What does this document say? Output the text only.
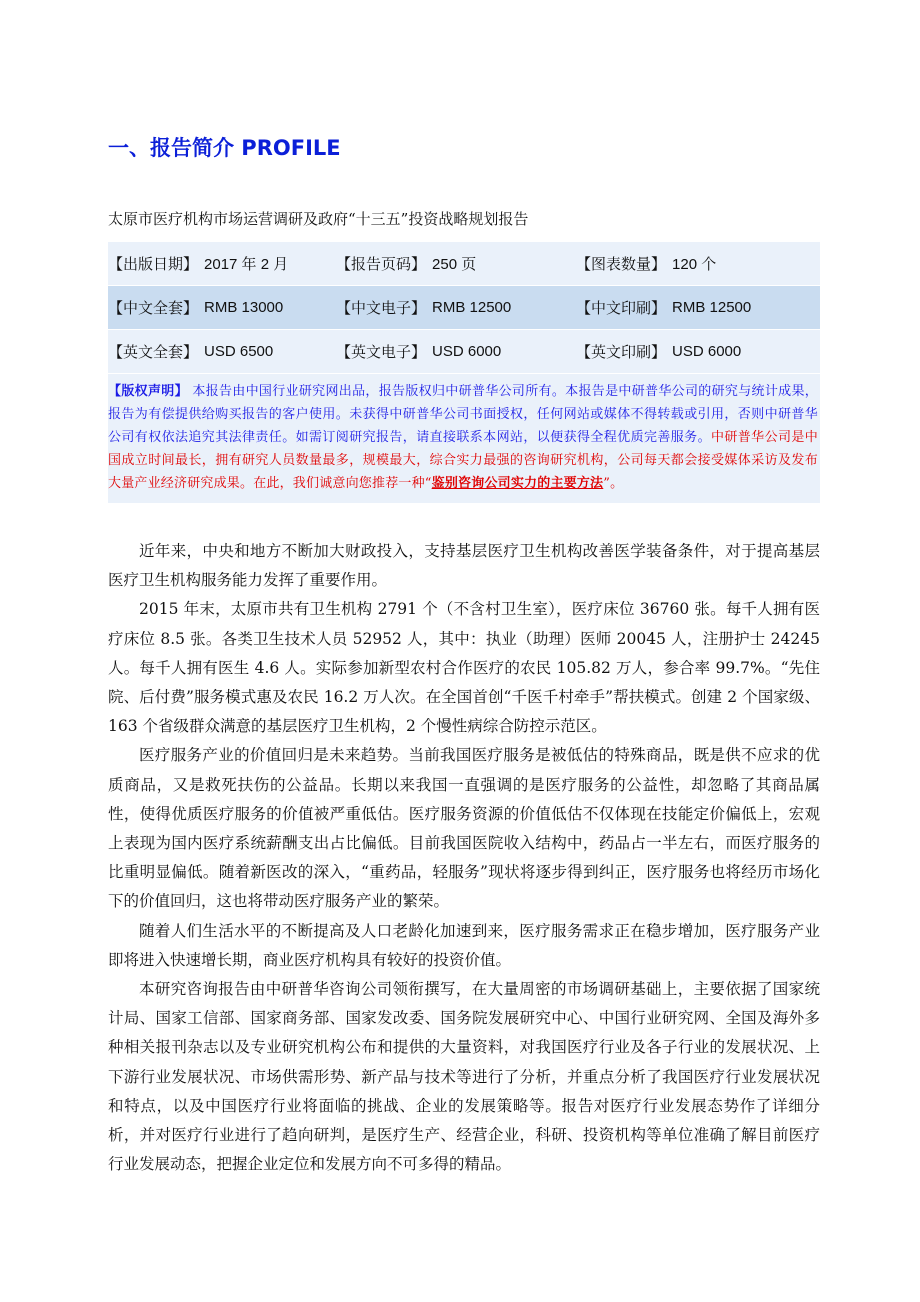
一、报告简介 PROFILE
太原市医疗机构市场运营调研及政府“十三五”投资战略规划报告
【出版日期】 2017 年 2 月	【报告页码】 250 页	【图表数量】 120 个
【中文全套】 RMB 13000	【中文电子】 RMB 12500	【中文印刷】 RMB 12500
【英文全套】 USD 6500	【英文电子】 USD 6000	【英文印刷】 USD 6000
【版权声明】 本报告由中国行业研究网出品，报告版权归中研普华公司所有。本报告是中研普华公司的研究与统计成果，报告为有偿提供给购买报告的客户使用。未获得中研普华公司书面授权，任何网站或媒体不得转载或引用，否则中研普华公司有权依法追究其法律责任。如需订阅研究报告，请直接联系本网站，以便获得全程优质完善服务。中研普华公司是中国成立时间最长，拥有研究人员数量最多，规模最大，综合实力最强的咨询研究机构，公司每天都会接受媒体采访及发布大量产业经济研究成果。在此，我们诚意向您推荐一种“鉴别咨询公司实力的主要方法”。

近年来，中央和地方不断加大财政投入，支持基层医疗卫生机构改善医学装备条件，对于提高基层医疗卫生机构服务能力发挥了重要作用。

2015 年末，太原市共有卫生机构 2791 个（不含村卫生室），医疗床位 36760 张。每千人拥有医疗床位 8.5 张。各类卫生技术人员 52952 人，其中：执业（助理）医师 20045 人，注册护士 24245 人。每千人拥有医生 4.6 人。实际参加新型农村合作医疗的农民 105.82 万人，参合率 99.7%。“先住院、后付费”服务模式惠及农民 16.2 万人次。在全国首创“千医千村牵手”帮扶模式。创建 2 个国家级、163 个省级群众满意的基层医疗卫生机构，2 个慢性病综合防控示范区。

医疗服务产业的价值回归是未来趋势。当前我国医疗服务是被低估的特殊商品，既是供不应求的优质商品，又是救死扶伤的公益品。长期以来我国一直强调的是医疗服务的公益性，却忽略了其商品属性，使得优质医疗服务的价值被严重低估。医疗服务资源的价值低估不仅体现在技能定价偏低上，宏观上表现为国内医疗系统薪酬支出占比偏低。目前我国医院收入结构中，药品占一半左右，而医疗服务的比重明显偏低。随着新医改的深入，“重药品，轻服务”现状将逐步得到纠正，医疗服务也将经历市场化下的价值回归，这也将带动医疗服务产业的繁荣。

随着人们生活水平的不断提高及人口老龄化加速到来，医疗服务需求正在稳步增加，医疗服务产业即将进入快速增长期，商业医疗机构具有较好的投资价值。

本研究咨询报告由中研普华咨询公司领衔撰写，在大量周密的市场调研基础上，主要依据了国家统计局、国家工信部、国家商务部、国家发改委、国务院发展研究中心、中国行业研究网、全国及海外多种相关报刊杂志以及专业研究机构公布和提供的大量资料，对我国医疗行业及各子行业的发展状况、上下游行业发展状况、市场供需形势、新产品与技术等进行了分析，并重点分析了我国医疗行业发展状况和特点，以及中国医疗行业将面临的挑战、企业的发展策略等。报告对医疗行业发展态势作了详细分析，并对医疗行业进行了趋向研判，是医疗生产、经营企业，科研、投资机构等单位准确了解目前医疗行业发展动态，把握企业定位和发展方向不可多得的精品。
